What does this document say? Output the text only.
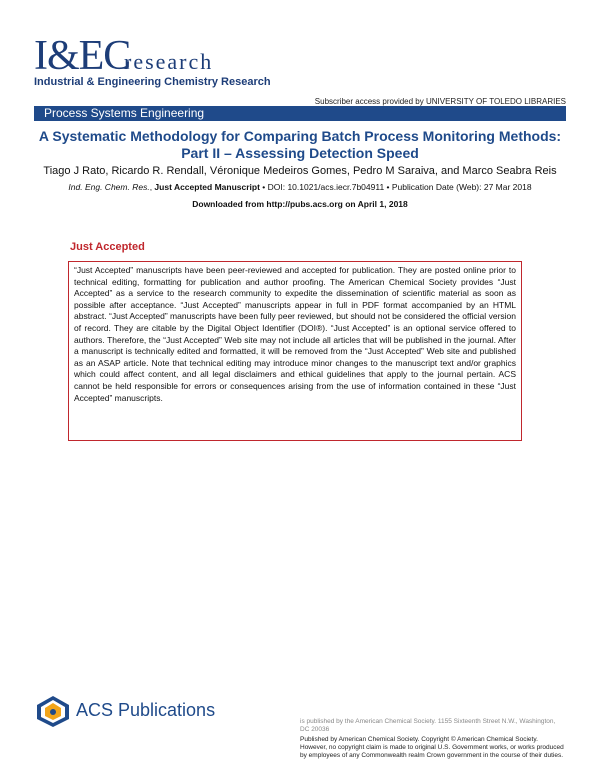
I&EC
research
Industrial & Engineering Chemistry Research
Subscriber access provided by UNIVERSITY OF TOLEDO LIBRARIES
Process Systems Engineering
A Systematic Methodology for Comparing Batch Process Monitoring Methods: Part II – Assessing Detection Speed
Tiago J Rato, Ricardo R. Rendall, Véronique Medeiros Gomes, Pedro M Saraiva, and Marco Seabra Reis
Ind. Eng. Chem. Res., Just Accepted Manuscript • DOI: 10.1021/acs.iecr.7b04911 • Publication Date (Web): 27 Mar 2018
Downloaded from http://pubs.acs.org on April 1, 2018
Just Accepted

“Just Accepted” manuscripts have been peer-reviewed and accepted for publication. They are posted online prior to technical editing, formatting for publication and author proofing. The American Chemical Society provides “Just Accepted” as a service to the research community to expedite the dissemination of scientific material as soon as possible after acceptance. “Just Accepted” manuscripts appear in full in PDF format accompanied by an HTML abstract. “Just Accepted” manuscripts have been fully peer reviewed, but should not be considered the official version of record. They are citable by the Digital Object Identifier (DOI®). “Just Accepted” is an optional service offered to authors. Therefore, the “Just Accepted” Web site may not include all articles that will be published in the journal. After a manuscript is technically edited and formatted, it will be removed from the “Just Accepted” Web site and published as an ASAP article. Note that technical editing may introduce minor changes to the manuscript text and/or graphics which could affect content, and all legal disclaimers and ethical guidelines that apply to the journal pertain. ACS cannot be held responsible for errors or consequences arising from the use of information contained in these “Just Accepted” manuscripts.

ACS Publications
is published by the American Chemical Society. 1155 Sixteenth Street N.W., Washington, DC 20036
Published by American Chemical Society. Copyright © American Chemical Society. However, no copyright claim is made to original U.S. Government works, or works produced by employees of any Commonwealth realm Crown government in the course of their duties.
